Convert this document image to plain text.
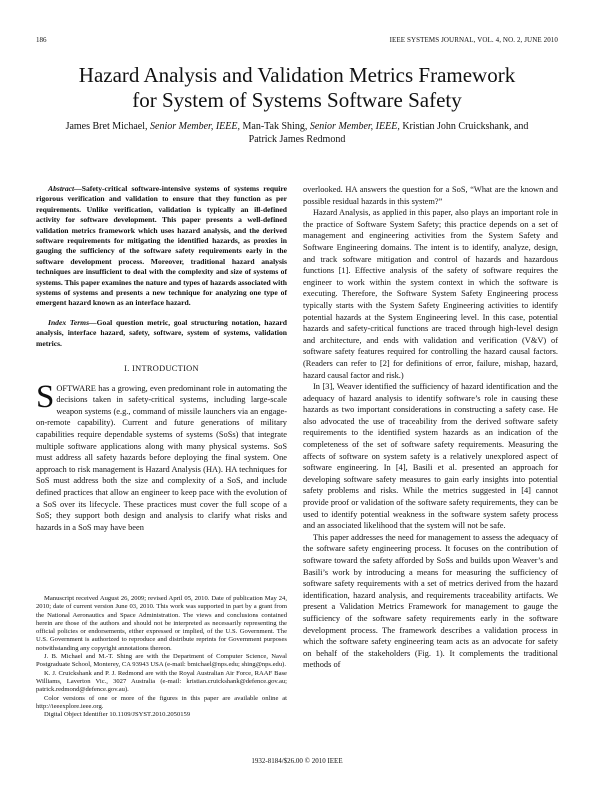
186	IEEE SYSTEMS JOURNAL, VOL. 4, NO. 2, JUNE 2010
Hazard Analysis and Validation Metrics Framework
for System of Systems Software Safety
James Bret Michael, Senior Member, IEEE, Man-Tak Shing, Senior Member, IEEE, Kristian John Cruickshank, and
Patrick James Redmond

Abstract—Safety-critical software-intensive systems of systems require rigorous verification and validation to ensure that they function as per requirements. Unlike verification, validation is typically an ill-defined activity for software development. This paper presents a well-defined validation metrics framework which uses hazard analysis, and the derived software requirements for mitigating the identified hazards, as proxies in gauging the sufficiency of the software safety requirements early in the software development process. Moreover, traditional hazard analysis techniques are insufficient to deal with the complexity and size of systems of systems. This paper examines the nature and types of hazards associated with systems of systems and presents a new technique for analyzing one type of emergent hazard known as an interface hazard.

Index Terms—Goal question metric, goal structuring notation, hazard analysis, interface hazard, safety, software, system of systems, validation metrics.

I. INTRODUCTION

SOFTWARE has a growing, even predominant role in automating the decisions taken in safety-critical systems, including large-scale weapon systems (e.g., command of missile launchers via an engage-on-remote capability). Current and future generations of military capabilities require dependable systems of systems (SoSs) that integrate multiple software applications along with many physical systems. SoS must address all safety hazards before deploying the final system. One approach to risk management is Hazard Analysis (HA). HA techniques for SoS must address both the size and complexity of a SoS, and include defined practices that allow an engineer to keep pace with the evolution of a SoS over its lifecycle. These practices must cover the full scope of a SoS; they support both design and analysis to clarify what risks and hazards in a SoS may have been

Manuscript received August 26, 2009; revised April 05, 2010. Date of publication May 24, 2010; date of current version June 03, 2010. This work was supported in part by a grant from the National Aeronautics and Space Administration. The views and conclusions contained herein are those of the authors and should not be interpreted as necessarily representing the official policies or endorsements, either expressed or implied, of the U.S. Government. The U.S. Government is authorized to reproduce and distribute reprints for Government purposes notwithstanding any copyright annotations thereon.

J. B. Michael and M.-T. Shing are with the Department of Computer Science, Naval Postgraduate School, Monterey, CA 93943 USA (e-mail: bmichael@nps.edu; shing@nps.edu).

K. J. Cruickshank and P. J. Redmond are with the Royal Australian Air Force, RAAF Base Williams, Laverton Vic., 3027 Australia (e-mail: kristian.cruickshank@defence.gov.au; patrick.redmond@defence.gov.au).

Color versions of one or more of the figures in this paper are available online at http://ieeexplore.ieee.org.

Digital Object Identifier 10.1109/JSYST.2010.2050159

overlooked. HA answers the question for a SoS, “What are the known and possible residual hazards in this system?”

Hazard Analysis, as applied in this paper, also plays an important role in the practice of Software System Safety; this practice depends on a set of management and engineering activities from the System Safety and Software Engineering domains. The intent is to identify, analyze, design, and track software mitigation and control of hazards and hazardous functions [1]. Effective analysis of the safety of software requires the engineer to work within the system context in which the software is executing. Therefore, the Software System Safety Engineering process typically starts with the System Safety Engineering activities to identify potential hazards at the System Engineering level. In this case, potential hazards and safety-critical functions are traced through high-level design and architecture, and ends with validation and verification (V&V) of software safety features required for controlling the hazard causal factors. (Readers can refer to [2] for definitions of error, failure, mishap, hazard, hazard causal factor and risk.)

In [3], Weaver identified the sufficiency of hazard identification and the adequacy of hazard analysis to identify software’s role in causing these hazards as two important considerations in constructing a safety case. He also advocated the use of traceability from the derived software safety requirements to the identified system hazards as an indication of the completeness of the set of software safety requirements. Measuring the affects of software on system safety is a relatively unexplored aspect of software engineering. In [4], Basili et al. presented an approach for developing software safety measures to gain early insights into potential safety problems and risks. While the metrics suggested in [4] cannot provide proof or validation of the software safety requirements, they can be used to identify potential weakness in the software system safety process and an associated likelihood that the system will not be safe.

This paper addresses the need for management to assess the adequacy of the software safety engineering process. It focuses on the contribution of software toward the safety afforded by SoSs and builds upon Weaver’s and Basili’s work by introducing a means for measuring the sufficiency of software safety requirements with a set of metrics derived from the hazard identification, hazard analysis, and requirements traceability artifacts. We present a Validation Metrics Framework for management to gauge the sufficiency of the software safety requirements early in the software development process. The framework describes a validation process in which the software safety engineering team acts as an advocate for safety on behalf of the stakeholders (Fig. 1). It complements the traditional methods of

1932-8184/$26.00 © 2010 IEEE
